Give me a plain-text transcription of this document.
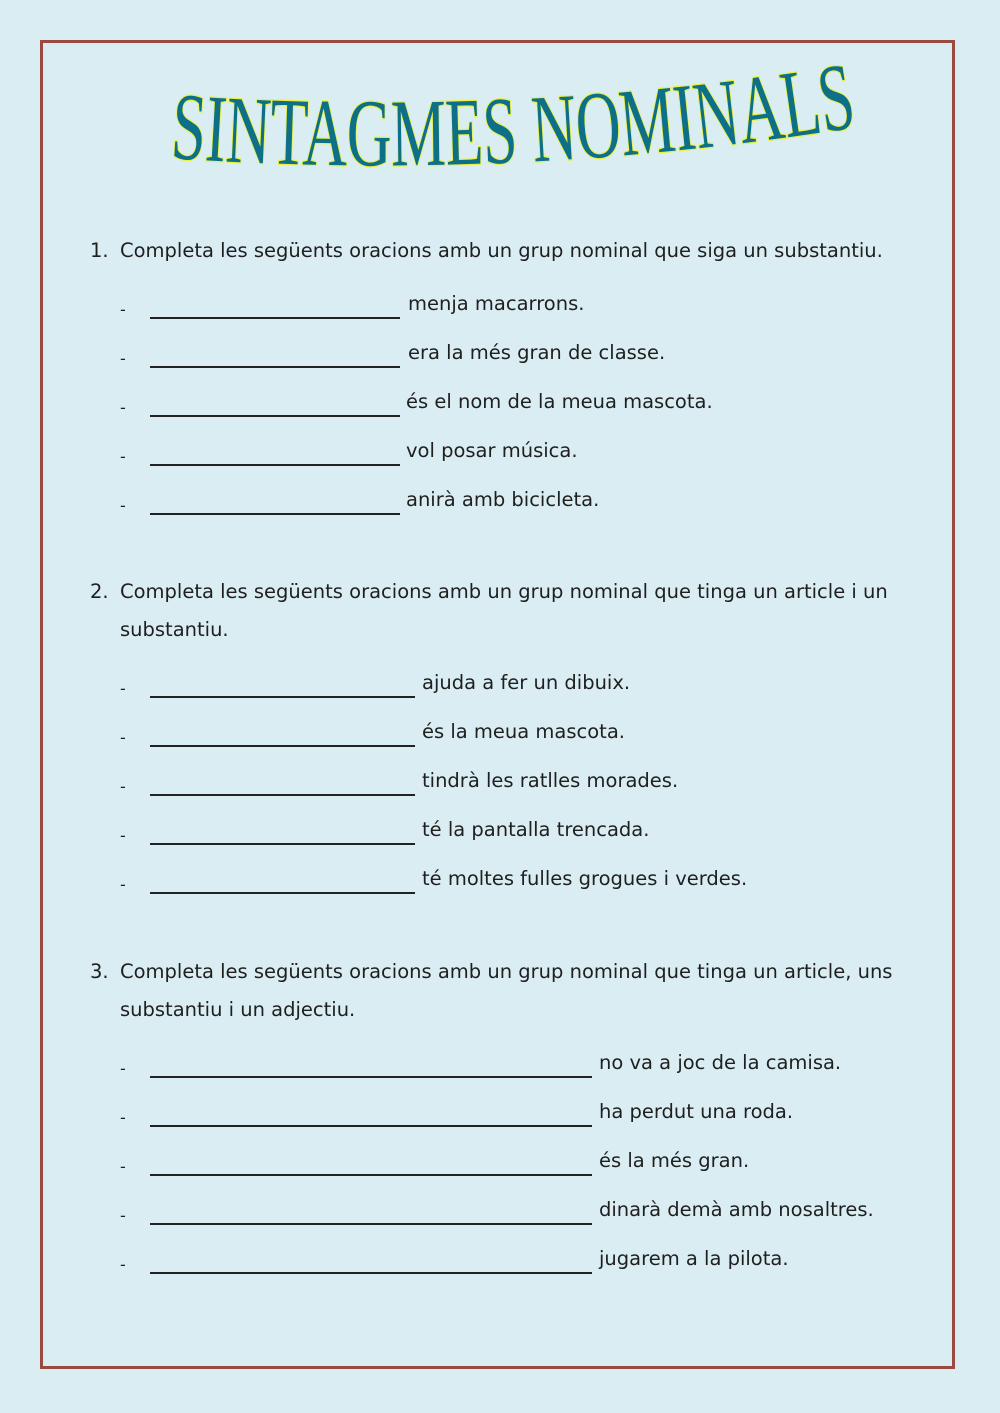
SINTAGMES NOMINALS

1. Completa les següents oracions amb un grup nominal que siga un substantiu.

-	menja macarrons.
-	era la més gran de classe.
-	és el nom de la meua mascota.
-	vol posar música.
-	anirà amb bicicleta.

2. Completa les següents oracions amb un grup nominal que tinga un article i un substantiu.

-	ajuda a fer un dibuix.
-	és la meua mascota.
-	tindrà les ratlles morades.
-	té la pantalla trencada.
-	té moltes fulles grogues i verdes.

3. Completa les següents oracions amb un grup nominal que tinga un article, uns substantiu i un adjectiu.

-	no va a joc de la camisa.
-	ha perdut una roda.
-	és la més gran.
-	dinarà demà amb nosaltres.
-	jugarem a la pilota.
